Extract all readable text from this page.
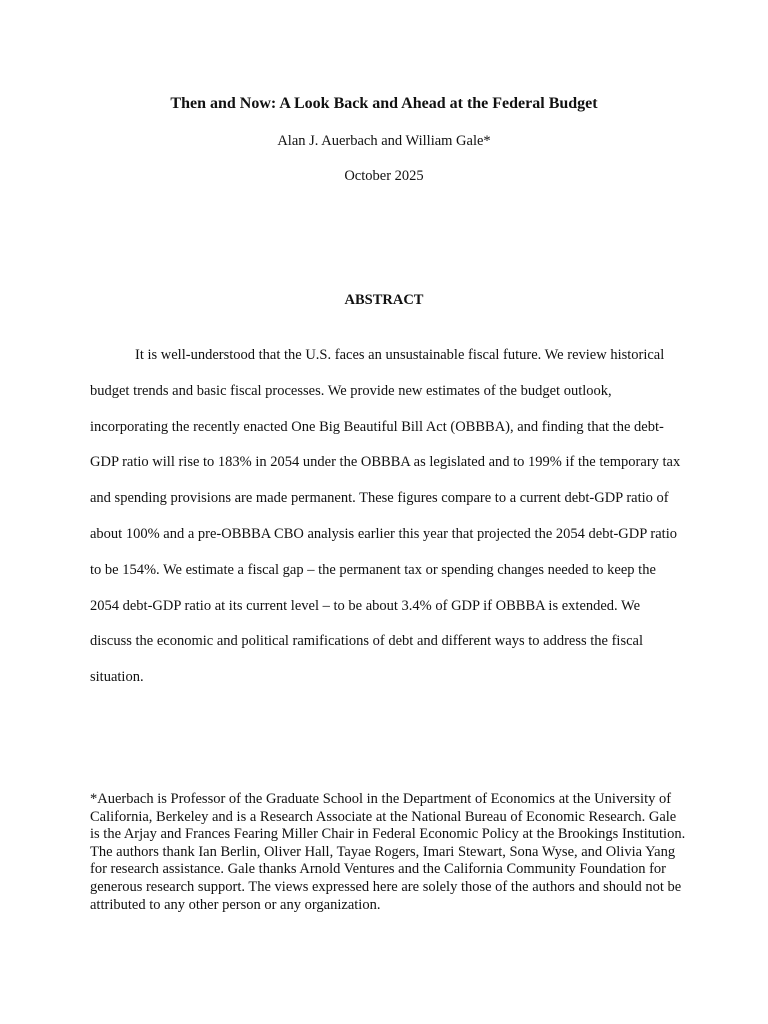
Then and Now: A Look Back and Ahead at the Federal Budget
Alan J. Auerbach and William Gale*
October 2025
ABSTRACT

It is well-understood that the U.S. faces an unsustainable fiscal future. We review historical budget trends and basic fiscal processes. We provide new estimates of the budget outlook, incorporating the recently enacted One Big Beautiful Bill Act (OBBBA), and finding that the debt-GDP ratio will rise to 183% in 2054 under the OBBBA as legislated and to 199% if the temporary tax and spending provisions are made permanent. These figures compare to a current debt-GDP ratio of about 100% and a pre-OBBBA CBO analysis earlier this year that projected the 2054 debt-GDP ratio to be 154%. We estimate a fiscal gap – the permanent tax or spending changes needed to keep the 2054 debt-GDP ratio at its current level – to be about 3.4% of GDP if OBBBA is extended. We discuss the economic and political ramifications of debt and different ways to address the fiscal situation.

*Auerbach is Professor of the Graduate School in the Department of Economics at the University of California, Berkeley and is a Research Associate at the National Bureau of Economic Research. Gale is the Arjay and Frances Fearing Miller Chair in Federal Economic Policy at the Brookings Institution. The authors thank Ian Berlin, Oliver Hall, Tayae Rogers, Imari Stewart, Sona Wyse, and Olivia Yang for research assistance. Gale thanks Arnold Ventures and the California Community Foundation for generous research support. The views expressed here are solely those of the authors and should not be attributed to any other person or any organization.
